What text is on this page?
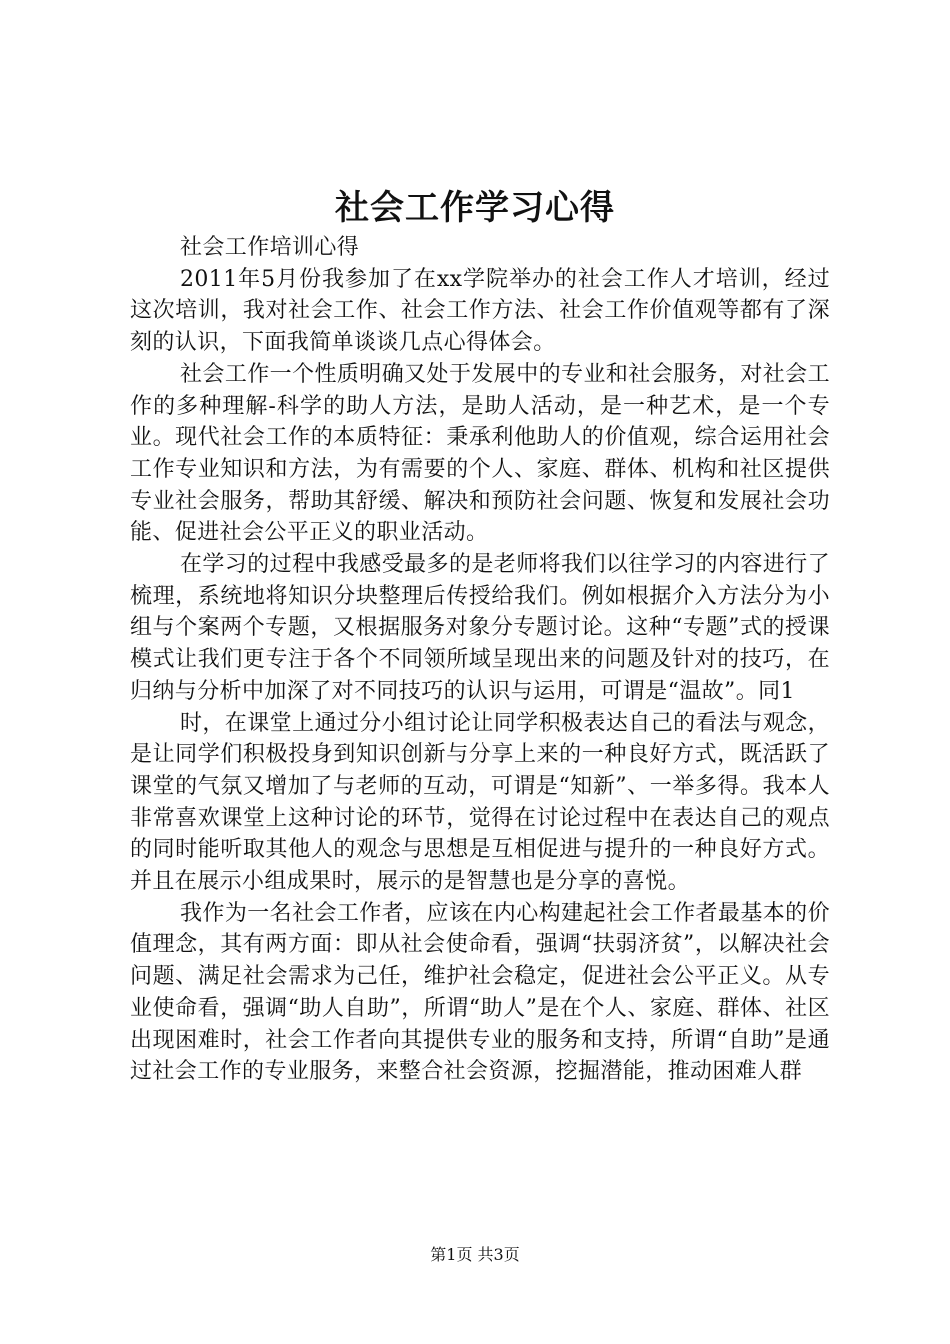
社会工作学习心得

社会工作培训心得

2011年5月份我参加了在xx学院举办的社会工作人才培训，经过这次培训，我对社会工作、社会工作方法、社会工作价值观等都有了深刻的认识，下面我简单谈谈几点心得体会。

社会工作一个性质明确又处于发展中的专业和社会服务，对社会工作的多种理解-科学的助人方法，是助人活动，是一种艺术，是一个专业。现代社会工作的本质特征：秉承利他助人的价值观，综合运用社会工作专业知识和方法，为有需要的个人、家庭、群体、机构和社区提供专业社会服务，帮助其舒缓、解决和预防社会问题、恢复和发展社会功能、促进社会公平正义的职业活动。

在学习的过程中我感受最多的是老师将我们以往学习的内容进行了梳理，系统地将知识分块整理后传授给我们。例如根据介入方法分为小组与个案两个专题，又根据服务对象分专题讨论。这种“专题”式的授课模式让我们更专注于各个不同领所域呈现出来的问题及针对的技巧，在归纳与分析中加深了对不同技巧的认识与运用，可谓是“温故”。同1

时，在课堂上通过分小组讨论让同学积极表达自己的看法与观念，是让同学们积极投身到知识创新与分享上来的一种良好方式，既活跃了课堂的气氛又增加了与老师的互动，可谓是“知新”、一举多得。我本人非常喜欢课堂上这种讨论的环节，觉得在讨论过程中在表达自己的观点的同时能听取其他人的观念与思想是互相促进与提升的一种良好方式。并且在展示小组成果时，展示的是智慧也是分享的喜悦。

我作为一名社会工作者，应该在内心构建起社会工作者最基本的价值理念，其有两方面：即从社会使命看，强调“扶弱济贫”，以解决社会问题、满足社会需求为己任，维护社会稳定，促进社会公平正义。从专业使命看，强调“助人自助”，所谓“助人”是在个人、家庭、群体、社区出现困难时，社会工作者向其提供专业的服务和支持，所谓“自助”是通过社会工作的专业服务，来整合社会资源，挖掘潜能，推动困难人群

第1页 共3页
